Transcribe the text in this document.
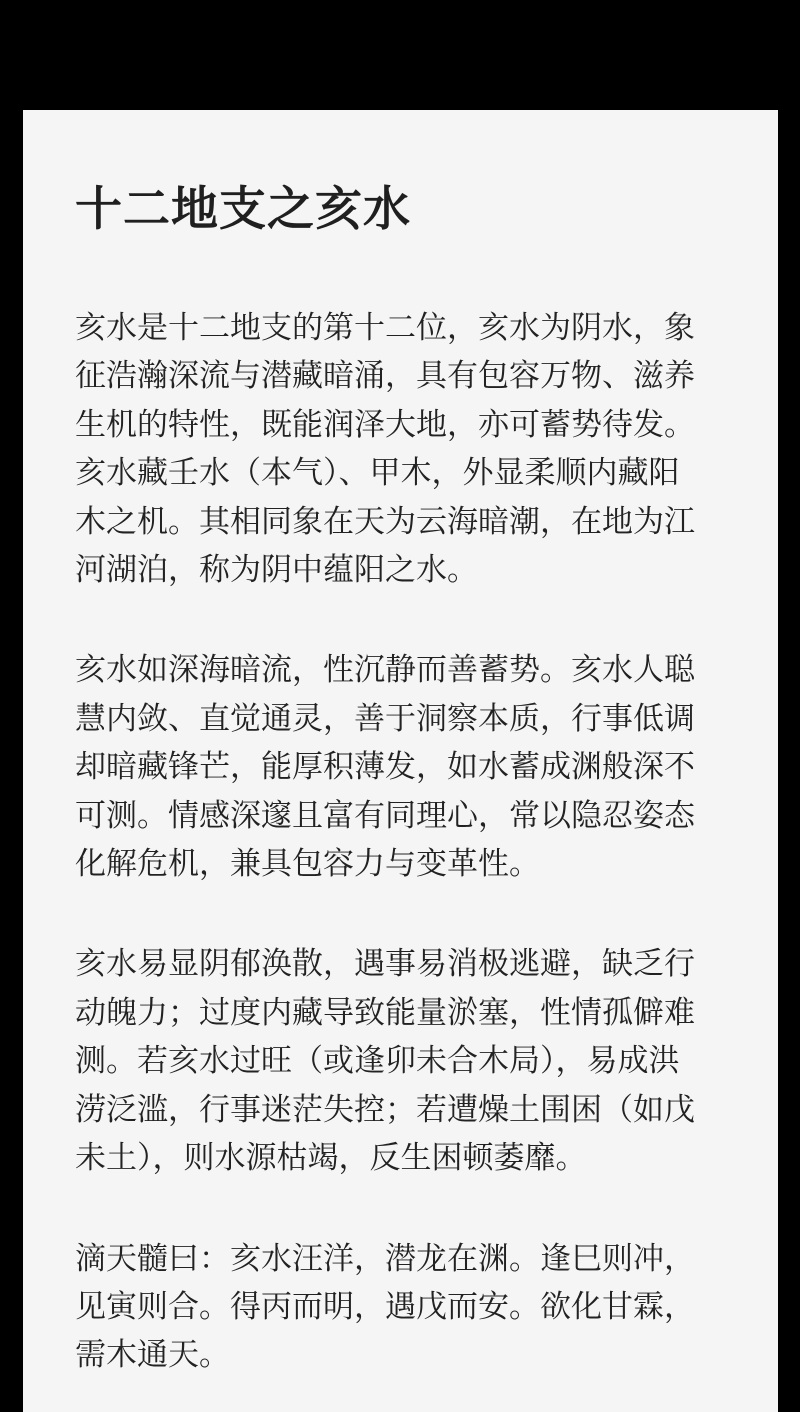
十二地支之亥水

亥水是十二地支的第十二位，亥水为阴水，象
征浩瀚深流与潜藏暗涌，具有包容万物、滋养
生机的特性，既能润泽大地，亦可蓄势待发。
亥水藏壬水（本气）、甲木，外显柔顺内藏阳
木之机。其相同象在天为云海暗潮，在地为江
河湖泊，称为阴中蕴阳之水。

亥水如深海暗流，性沉静而善蓄势。亥水人聪
慧内敛、直觉通灵，善于洞察本质，行事低调
却暗藏锋芒，能厚积薄发，如水蓄成渊般深不
可测。情感深邃且富有同理心，常以隐忍姿态
化解危机，兼具包容力与变革性。

亥水易显阴郁涣散，遇事易消极逃避，缺乏行
动魄力；过度内藏导致能量淤塞，性情孤僻难
测。若亥水过旺（或逢卯未合木局），易成洪
涝泛滥，行事迷茫失控；若遭燥土围困（如戊
未土），则水源枯竭，反生困顿萎靡。

滴天髓曰：亥水汪洋，潜龙在渊。逢巳则冲，
见寅则合。得丙而明，遇戊而安。欲化甘霖，
需木通天。
